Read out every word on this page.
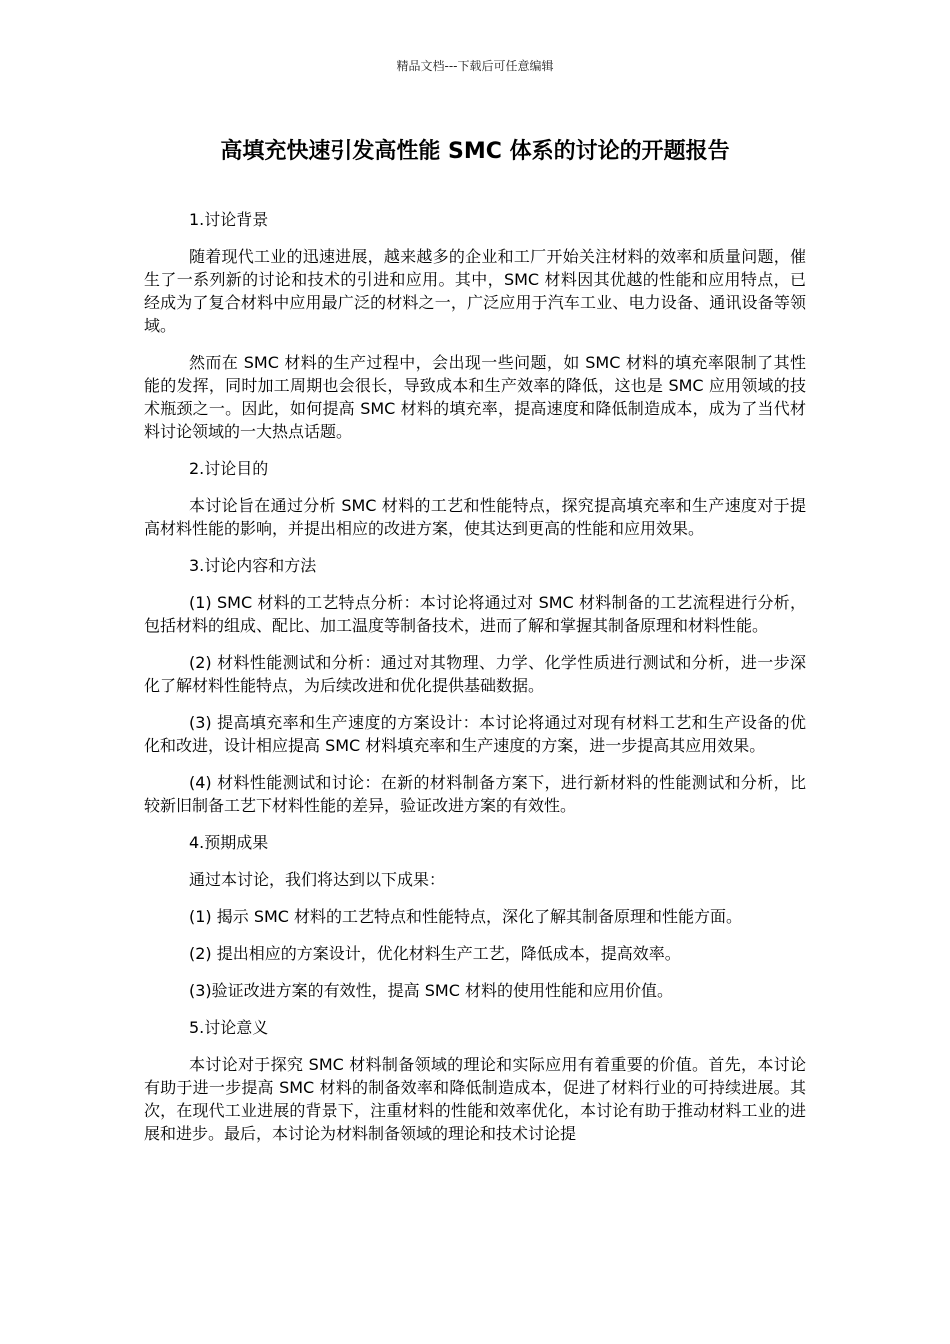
精品文档---下载后可任意编辑
高填充快速引发高性能 SMC 体系的讨论的开题报告

1.讨论背景

随着现代工业的迅速进展，越来越多的企业和工厂开始关注材料的效率和质量问题，催生了一系列新的讨论和技术的引进和应用。其中，SMC 材料因其优越的性能和应用特点，已经成为了复合材料中应用最广泛的材料之一，广泛应用于汽车工业、电力设备、通讯设备等领域。

然而在 SMC 材料的生产过程中，会出现一些问题，如 SMC 材料的填充率限制了其性能的发挥，同时加工周期也会很长，导致成本和生产效率的降低，这也是 SMC 应用领域的技术瓶颈之一。因此，如何提高 SMC 材料的填充率，提高速度和降低制造成本，成为了当代材料讨论领域的一大热点话题。

2.讨论目的

本讨论旨在通过分析 SMC 材料的工艺和性能特点，探究提高填充率和生产速度对于提高材料性能的影响，并提出相应的改进方案，使其达到更高的性能和应用效果。

3.讨论内容和方法

(1) SMC 材料的工艺特点分析：本讨论将通过对 SMC 材料制备的工艺流程进行分析，包括材料的组成、配比、加工温度等制备技术，进而了解和掌握其制备原理和材料性能。

(2) 材料性能测试和分析：通过对其物理、力学、化学性质进行测试和分析，进一步深化了解材料性能特点，为后续改进和优化提供基础数据。

(3) 提高填充率和生产速度的方案设计：本讨论将通过对现有材料工艺和生产设备的优化和改进，设计相应提高 SMC 材料填充率和生产速度的方案，进一步提高其应用效果。

(4) 材料性能测试和讨论：在新的材料制备方案下，进行新材料的性能测试和分析，比较新旧制备工艺下材料性能的差异，验证改进方案的有效性。

4.预期成果

通过本讨论，我们将达到以下成果：

(1) 揭示 SMC 材料的工艺特点和性能特点，深化了解其制备原理和性能方面。

(2) 提出相应的方案设计，优化材料生产工艺，降低成本，提高效率。

(3)验证改进方案的有效性，提高 SMC 材料的使用性能和应用价值。

5.讨论意义

本讨论对于探究 SMC 材料制备领域的理论和实际应用有着重要的价值。首先，本讨论有助于进一步提高 SMC 材料的制备效率和降低制造成本，促进了材料行业的可持续进展。其次，在现代工业进展的背景下，注重材料的性能和效率优化，本讨论有助于推动材料工业的进展和进步。最后，本讨论为材料制备领域的理论和技术讨论提
